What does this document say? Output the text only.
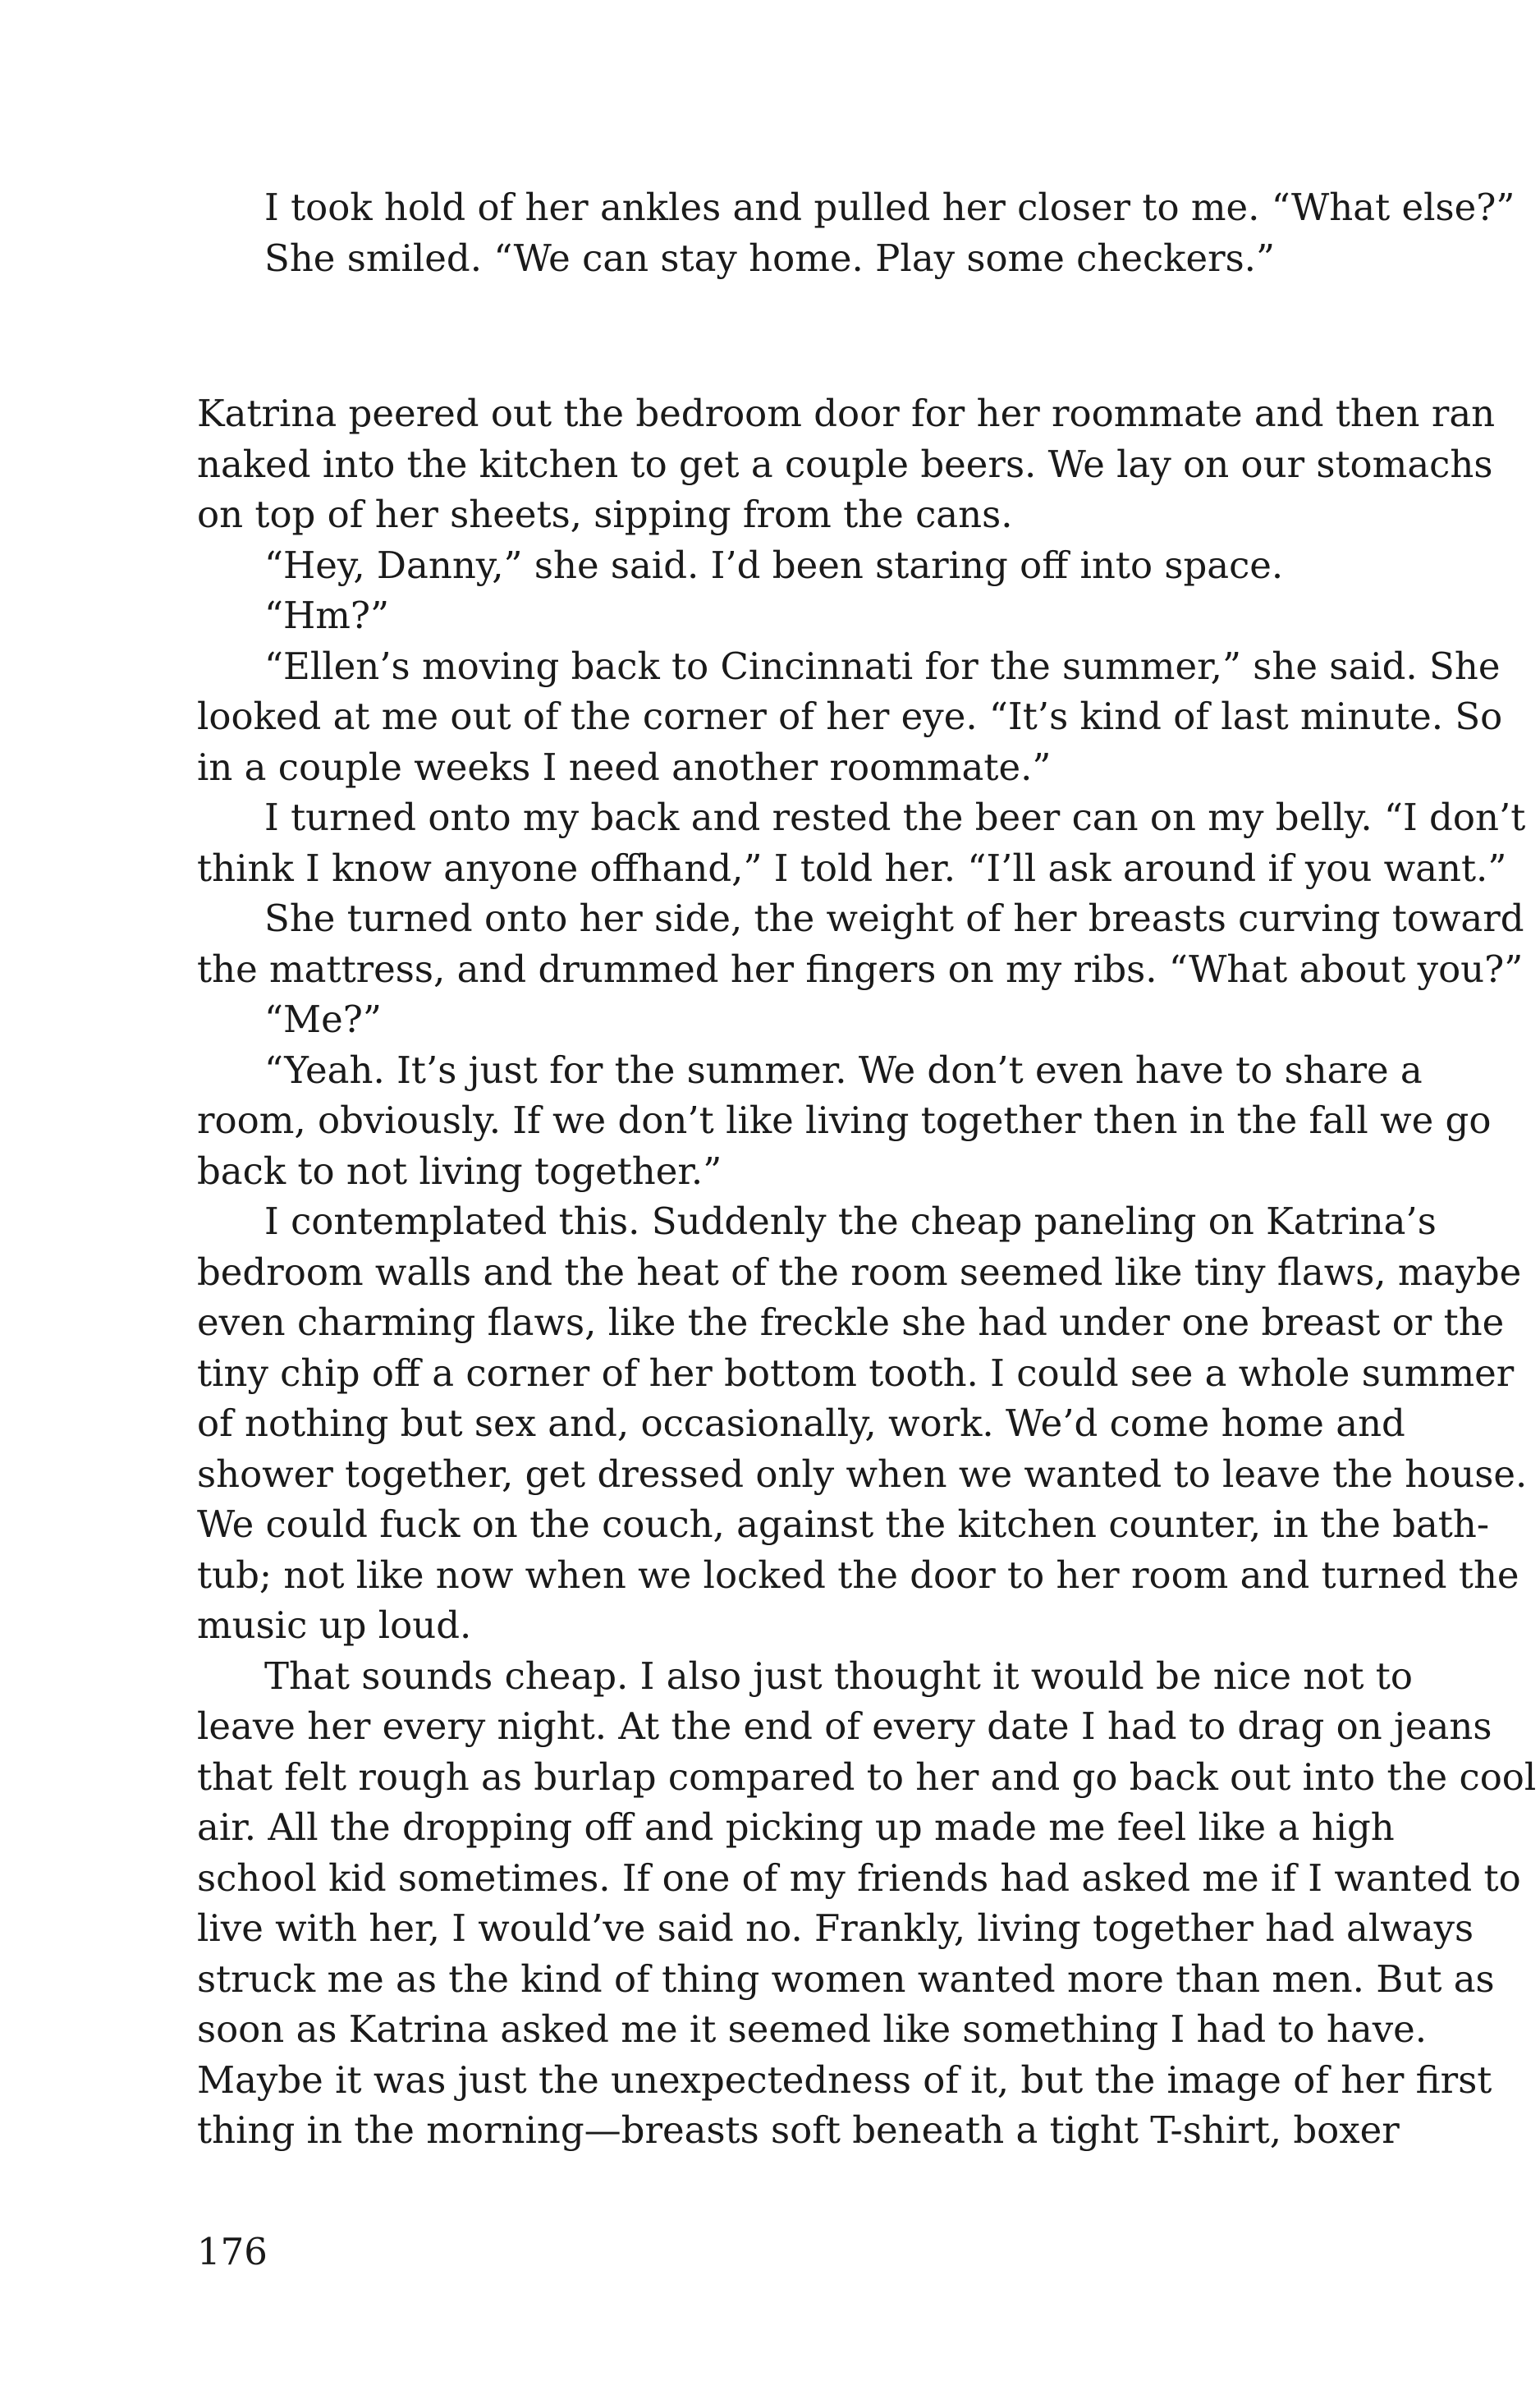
I took hold of her ankles and pulled her closer to me. “What else?”
She smiled. “We can stay home. Play some checkers.”
Katrina peered out the bedroom door for her roommate and then ran
naked into the kitchen to get a couple beers. We lay on our stomachs
on top of her sheets, sipping from the cans.
“Hey, Danny,” she said. I’d been staring off into space.
“Hm?”
“Ellen’s moving back to Cincinnati for the summer,” she said. She
looked at me out of the corner of her eye. “It’s kind of last minute. So
in a couple weeks I need another roommate.”
I turned onto my back and rested the beer can on my belly. “I don’t
think I know anyone offhand,” I told her. “I’ll ask around if you want.”
She turned onto her side, the weight of her breasts curving toward
the mattress, and drummed her fingers on my ribs. “What about you?”
“Me?”
“Yeah. It’s just for the summer. We don’t even have to share a
room, obviously. If we don’t like living together then in the fall we go
back to not living together.”
I contemplated this. Suddenly the cheap paneling on Katrina’s
bedroom walls and the heat of the room seemed like tiny flaws, maybe
even charming flaws, like the freckle she had under one breast or the
tiny chip off a corner of her bottom tooth. I could see a whole summer
of nothing but sex and, occasionally, work. We’d come home and
shower together, get dressed only when we wanted to leave the house.
We could fuck on the couch, against the kitchen counter, in the bath-
tub; not like now when we locked the door to her room and turned the
music up loud.
That sounds cheap. I also just thought it would be nice not to
leave her every night. At the end of every date I had to drag on jeans
that felt rough as burlap compared to her and go back out into the cool
air. All the dropping off and picking up made me feel like a high
school kid sometimes. If one of my friends had asked me if I wanted to
live with her, I would’ve said no. Frankly, living together had always
struck me as the kind of thing women wanted more than men. But as
soon as Katrina asked me it seemed like something I had to have.
Maybe it was just the unexpectedness of it, but the image of her first
thing in the morning—breasts soft beneath a tight T-shirt, boxer
176
